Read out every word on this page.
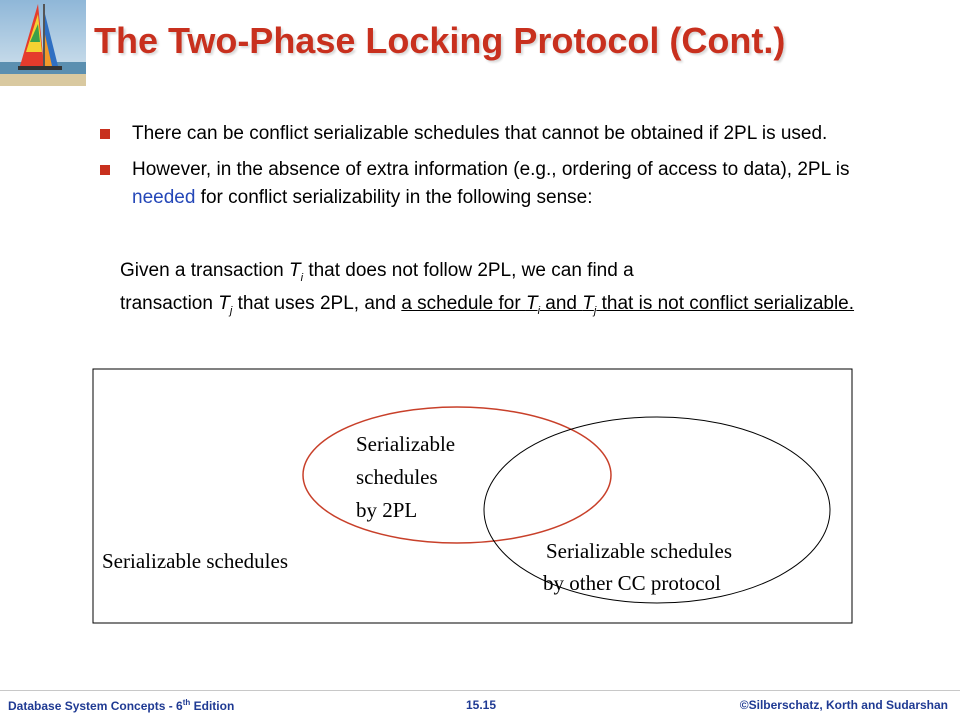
The Two-Phase Locking Protocol (Cont.)
There can be conflict serializable schedules that cannot be obtained if 2PL is used.
However, in the absence of extra information (e.g., ordering of access to data), 2PL is needed for conflict serializability in the following sense:
Given a transaction $T_i$ that does not follow 2PL, we can find a
transaction $T_j$ that uses 2PL, and a schedule for $T_i$ and $T_j$ that is not conflict serializable.
Serializable
schedules
by 2PL
Serializable schedules	Serializable schedules
by other CC protocol
Database System Concepts - 6th Edition	15.15	©Silberschatz, Korth and Sudarshan
